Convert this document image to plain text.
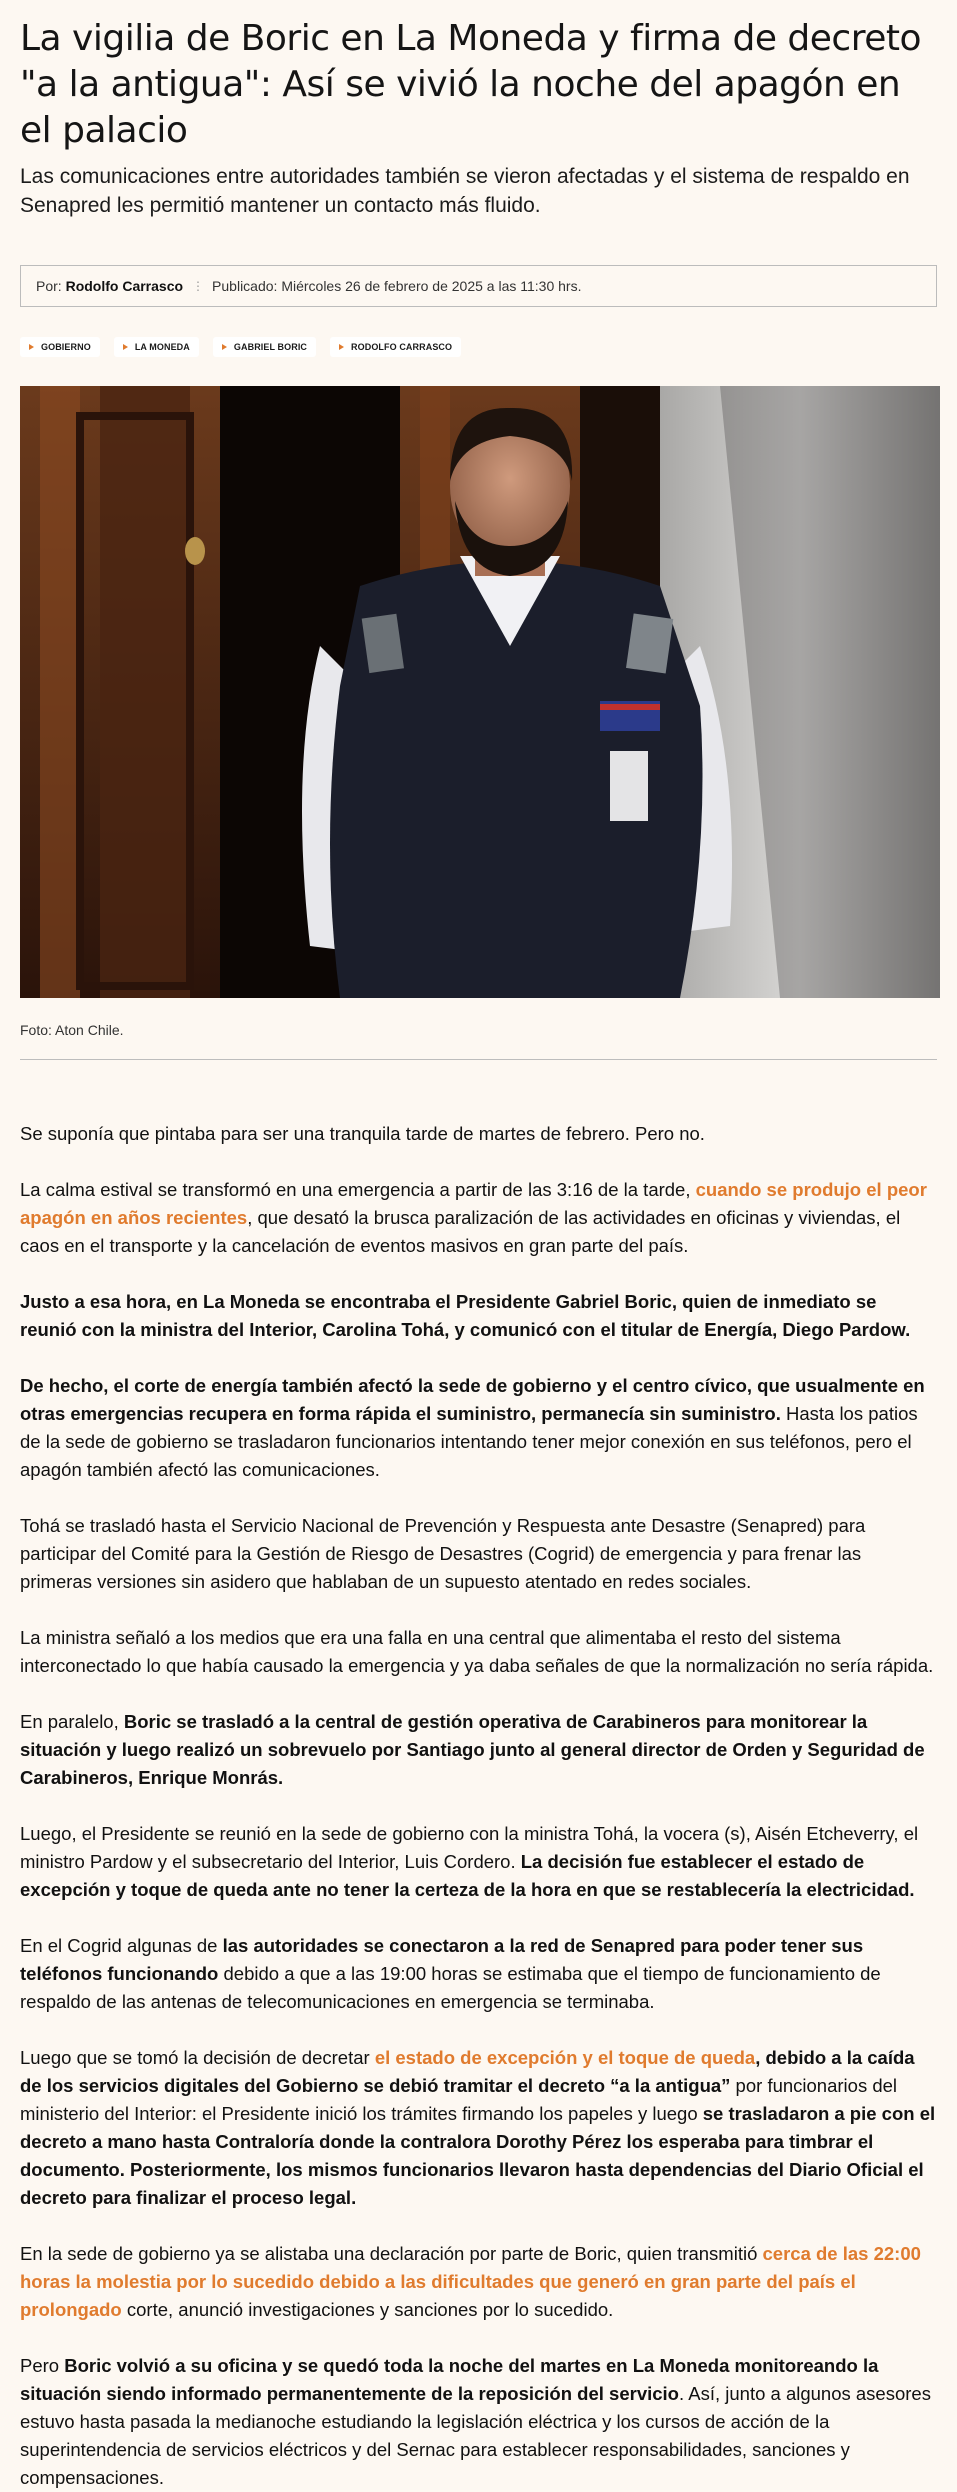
La vigilia de Boric en La Moneda y firma de decreto "a la antigua": Así se vivió la noche del apagón en el palacio
Las comunicaciones entre autoridades también se vieron afectadas y el sistema de respaldo en Senapred les permitió mantener un contacto más fluido.
Por:
Rodolfo Carrasco ⋮ Publicado: Miércoles 26 de febrero de 2025 a las 11:30 hrs.
GOBIERNO	LA MONEDA	GABRIEL BORIC	RODOLFO CARRASCO
Foto: Aton Chile.

Se suponía que pintaba para ser una tranquila tarde de martes de febrero. Pero no.

La calma estival se transformó en una emergencia a partir de las 3:16 de la tarde, cuando se produjo el peor apagón en años recientes, que desató la brusca paralización de las actividades en oficinas y viviendas, el caos en el transporte y la cancelación de eventos masivos en gran parte del país.

Justo a esa hora, en La Moneda se encontraba el Presidente Gabriel Boric, quien de inmediato se reunió con la ministra del Interior, Carolina Tohá, y comunicó con el titular de Energía, Diego Pardow.

De hecho, el corte de energía también afectó la sede de gobierno y el centro cívico, que usualmente en otras emergencias recupera en forma rápida el suministro, permanecía sin suministro. Hasta los patios de la sede de gobierno se trasladaron funcionarios intentando tener mejor conexión en sus teléfonos, pero el apagón también afectó las comunicaciones.

Tohá se trasladó hasta el Servicio Nacional de Prevención y Respuesta ante Desastre (Senapred) para participar del Comité para la Gestión de Riesgo de Desastres (Cogrid) de emergencia y para frenar las primeras versiones sin asidero que hablaban de un supuesto atentado en redes sociales.

La ministra señaló a los medios que era una falla en una central que alimentaba el resto del sistema interconectado lo que había causado la emergencia y ya daba señales de que la normalización no sería rápida.

En paralelo, Boric se trasladó a la central de gestión operativa de Carabineros para monitorear la situación y luego realizó un sobrevuelo por Santiago junto al general director de Orden y Seguridad de Carabineros, Enrique Monrás.

Luego, el Presidente se reunió en la sede de gobierno con la ministra Tohá, la vocera (s), Aisén Etcheverry, el ministro Pardow y el subsecretario del Interior, Luis Cordero. La decisión fue establecer el estado de excepción y toque de queda ante no tener la certeza de la hora en que se restablecería la electricidad.

En el Cogrid algunas de las autoridades se conectaron a la red de Senapred para poder tener sus teléfonos funcionando debido a que a las 19:00 horas se estimaba que el tiempo de funcionamiento de respaldo de las antenas de telecomunicaciones en emergencia se terminaba.

Luego que se tomó la decisión de decretar el estado de excepción y el toque de queda, debido a la caída de los servicios digitales del Gobierno se debió tramitar el decreto “a la antigua” por funcionarios del ministerio del Interior: el Presidente inició los trámites firmando los papeles y luego se trasladaron a pie con el decreto a mano hasta Contraloría donde la contralora Dorothy Pérez los esperaba para timbrar el documento. Posteriormente, los mismos funcionarios llevaron hasta dependencias del Diario Oficial el decreto para finalizar el proceso legal.

En la sede de gobierno ya se alistaba una declaración por parte de Boric, quien transmitió cerca de las 22:00 horas la molestia por lo sucedido debido a las dificultades que generó en gran parte del país el prolongado corte, anunció investigaciones y sanciones por lo sucedido.

Pero Boric volvió a su oficina y se quedó toda la noche del martes en La Moneda monitoreando la situación siendo informado permanentemente de la reposición del servicio. Así, junto a algunos asesores estuvo hasta pasada la medianoche estudiando la legislación eléctrica y los cursos de acción de la superintendencia de servicios eléctricos y del Sernac para establecer responsabilidades, sanciones y compensaciones.
